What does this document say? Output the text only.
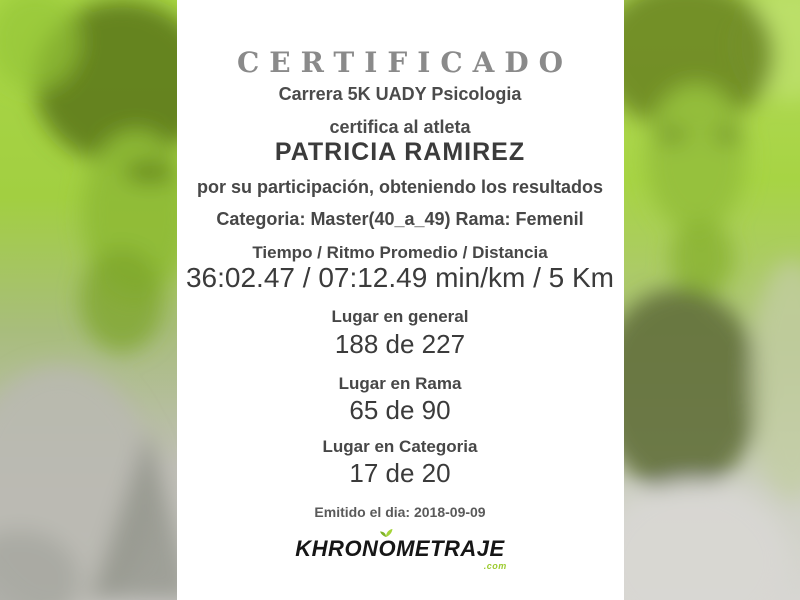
CERTIFICADO
Carrera 5K UADY Psicologia
certifica al atleta
PATRICIA RAMIREZ
por su participación, obteniendo los resultados
Categoria: Master(40_a_49) Rama: Femenil
Tiempo / Ritmo Promedio / Distancia
36:02.47 / 07:12.49 min/km / 5 Km
Lugar en general
188 de 227
Lugar en Rama
65 de 90
Lugar en Categoria
17 de 20
Emitido el dia: 2018-09-09
KHRON
OMETRAJE
.com
